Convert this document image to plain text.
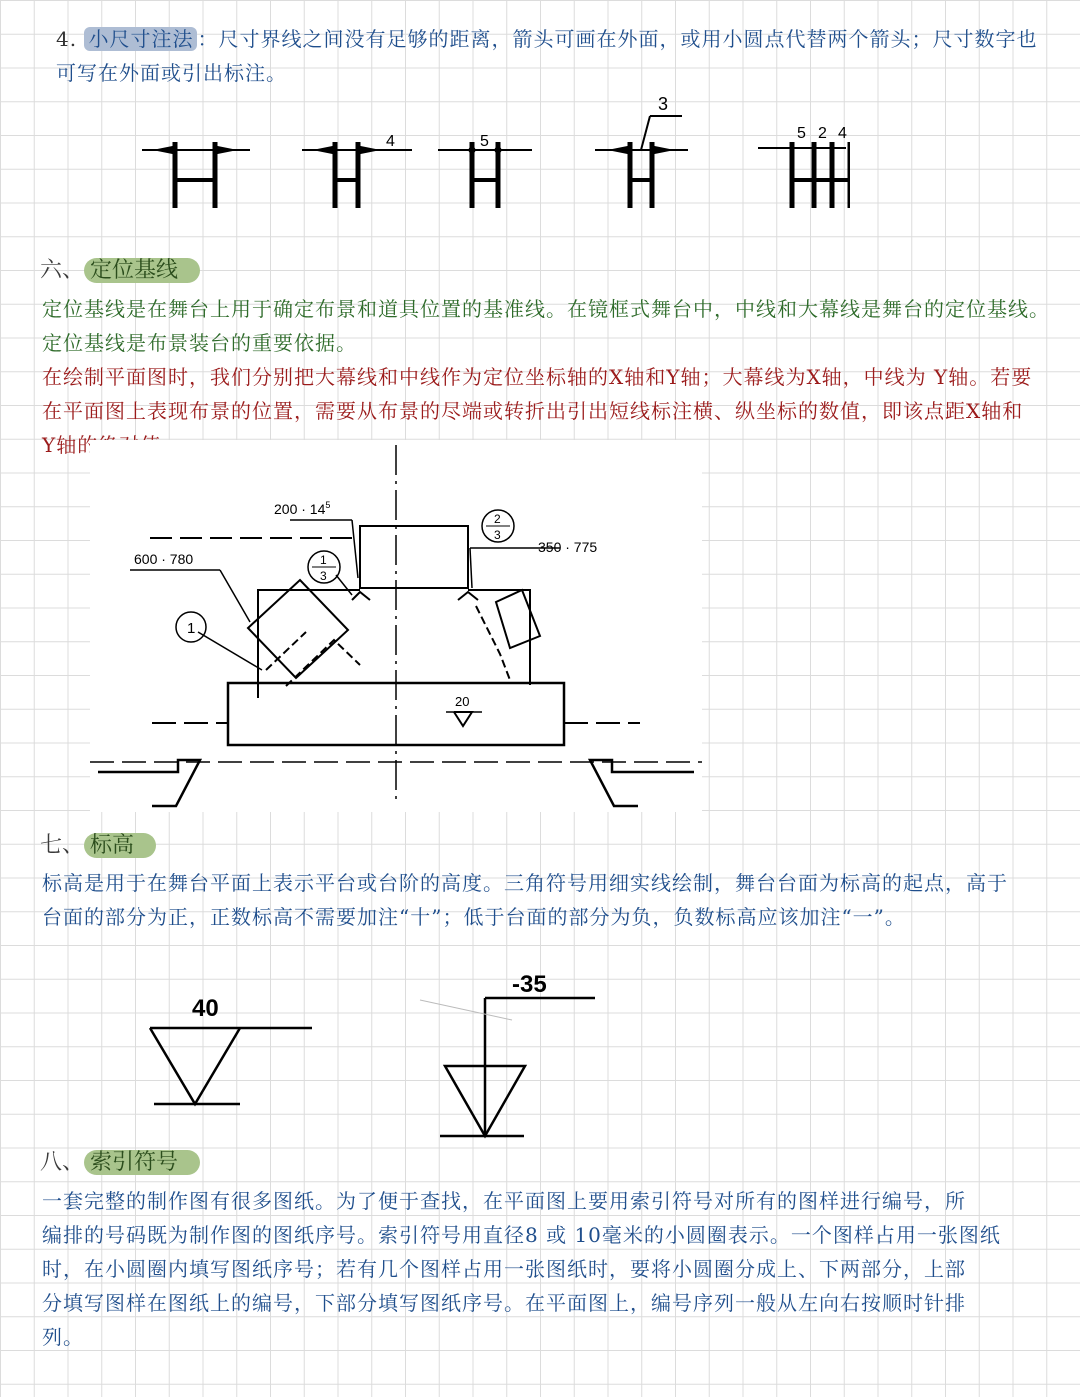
4. 小尺寸注法 ：尺寸界线之间没有足够的距离，箭头可画在外面，或用小圆点代替两个箭头；尺寸数字也
可写在外面或引出标注。
4	5
3
5 2 4
六、 定位基线
定位基线是在舞台上用于确定布景和道具位置的基准线。在镜框式舞台中，中线和大幕线是舞台的定位基线。
定位基线是布景装台的重要依据。
在绘制平面图时，我们分别把大幕线和中线作为定位坐标轴的X轴和Y轴；大幕线为X轴，中线为 Y轴。若要
在平面图上表现布景的位置，需要从布景的尽端或转折出引出短线标注横、纵坐标的数值，即该点距X轴和
Y轴的绝对值。
$200 \cdot 14^5$
600 · 780
350 · 775
1
1
3
2
3
20
七、 标高
标高是用于在舞台平面上表示平台或台阶的高度。三角符号用细实线绘制，舞台台面为标高的起点，高于
台面的部分为正，正数标高不需要加注“十”；低于台面的部分为负，负数标高应该加注“一”。
40
-35
八、 索引符号
一套完整的制作图有很多图纸。为了便于查找，在平面图上要用索引符号对所有的图样进行编号，所
编排的号码既为制作图的图纸序号。索引符号用直径8 或 10毫米的小圆圈表示。一个图样占用一张图纸
时，在小圆圈内填写图纸序号；若有几个图样占用一张图纸时，要将小圆圈分成上、下两部分，上部
分填写图样在图纸上的编号，下部分填写图纸序号。在平面图上，编号序列一般从左向右按顺时针排
列。
